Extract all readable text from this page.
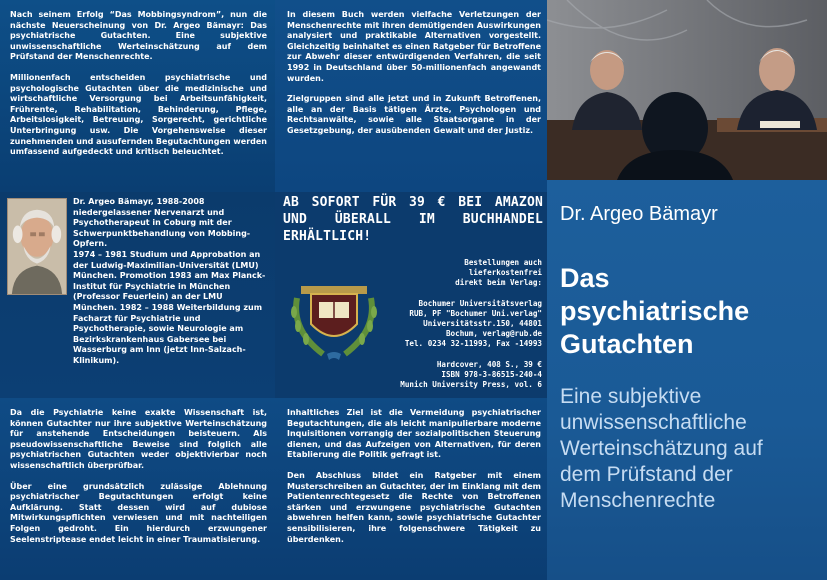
Nach seinem Erfolg “Das Mobbingsyndrom”, nun die nächste Neuerscheinung von Dr. Argeo Bämayr: Das psychiatrische Gutachten. Eine subjektive unwissenschaftliche Werteinschätzung auf dem Prüfstand der Menschenrechte.

Millionenfach entscheiden psychiatrische und psychologische Gutachten über die medizinische und wirtschaftliche Versorgung bei Arbeitsunfähigkeit, Frührente, Rehabilitation, Behinderung, Pflege, Arbeitslosigkeit, Betreuung, Sorgerecht, gerichtliche Unterbringung usw. Die Vorgehensweise dieser zunehmenden und ausufernden Begutachtungen werden umfassend aufgedeckt und kritisch beleuchtet.

In diesem Buch werden vielfache Verletzungen der Menschenrechte mit ihren demütigenden Auswirkungen analysiert und praktikable Alternativen vorgestellt. Gleichzeitig beinhaltet es einen Ratgeber für Betroffene zur Abwehr dieser entwürdigenden Verfahren, die seit 1992 in Deutschland über 50-millionenfach angewandt wurden.

Zielgruppen sind alle jetzt und in Zukunft Betroffenen, alle an der Basis tätigen Ärzte, Psychologen und Rechtsanwälte, sowie alle Staatsorgane in der Gesetzgebung, der ausübenden Gewalt und der Justiz.

Dr. Argeo Bämayr, 1988-2008 niedergelassener Nervenarzt und Psychotherapeut in Coburg mit der Schwerpunktbehandlung von Mobbing-Opfern.

1974 – 1981 Studium und Approbation an der Ludwig-Maximilian-Universität (LMU) München. Promotion 1983 am Max Planck-Institut für Psychiatrie in München (Professor Feuerlein) an der LMU München. 1982 – 1988 Weiterbildung zum Facharzt für Psychiatrie und Psychotherapie, sowie Neurologie am Bezirkskrankenhaus Gabersee bei Wasserburg am Inn (jetzt Inn-Salzach-Klinikum).

AB SOFORT FÜR 39 € BEI AMAZON UND ÜBERALL IM BUCHHANDEL ERHÄLTLICH!
Bestellungen auch lieferkostenfrei
direkt beim Verlag:
Bochumer Universitätsverlag
RUB, PF "Bochumer Uni.verlag"
Universitätsstr.150, 44801
Bochum, verlag@rub.de
Tel. 0234 32-11993, Fax -14993
Hardcover, 408 S., 39 €
ISBN 978-3-86515-240-4
Munich University Press, vol. 6

Da die Psychiatrie keine exakte Wissenschaft ist, können Gutachter nur ihre subjektive Werteinschätzung für anstehende Entscheidungen beisteuern. Als pseudowissenschaftliche Beweise sind folglich alle psychiatrischen Gutachten weder objektivierbar noch wissenschaftlich überprüfbar.

Über eine grundsätzlich zulässige Ablehnung psychiatrischer Begutachtungen erfolgt keine Aufklärung. Statt dessen wird auf dubiose Mitwirkungspflichten verwiesen und mit nachteiligen Folgen gedroht. Ein hierdurch erzwungener Seelenstriptease endet leicht in einer Traumatisierung.

Inhaltliches Ziel ist die Vermeidung psychiatrischer Begutachtungen, die als leicht manipulierbare moderne Inquisitionen vorrangig der sozialpolitischen Steuerung dienen, und das Aufzeigen von Alternativen, für deren Etablierung die Politik gefragt ist.

Den Abschluss bildet ein Ratgeber mit einem Musterschreiben an Gutachter, der im Einklang mit dem Patientenrechtegesetz die Rechte von Betroffenen stärken und erzwungene psychiatrische Gutachten abwehren helfen kann, sowie psychiatrische Gutachter sensibilisieren, ihre folgenschwere Tätigkeit zu überdenken.

Dr. Argeo Bämayr
Das
psychiatrische
Gutachten
Eine subjektive
unwissenschaftliche
Werteinschätzung auf
dem Prüfstand der
Menschenrechte
